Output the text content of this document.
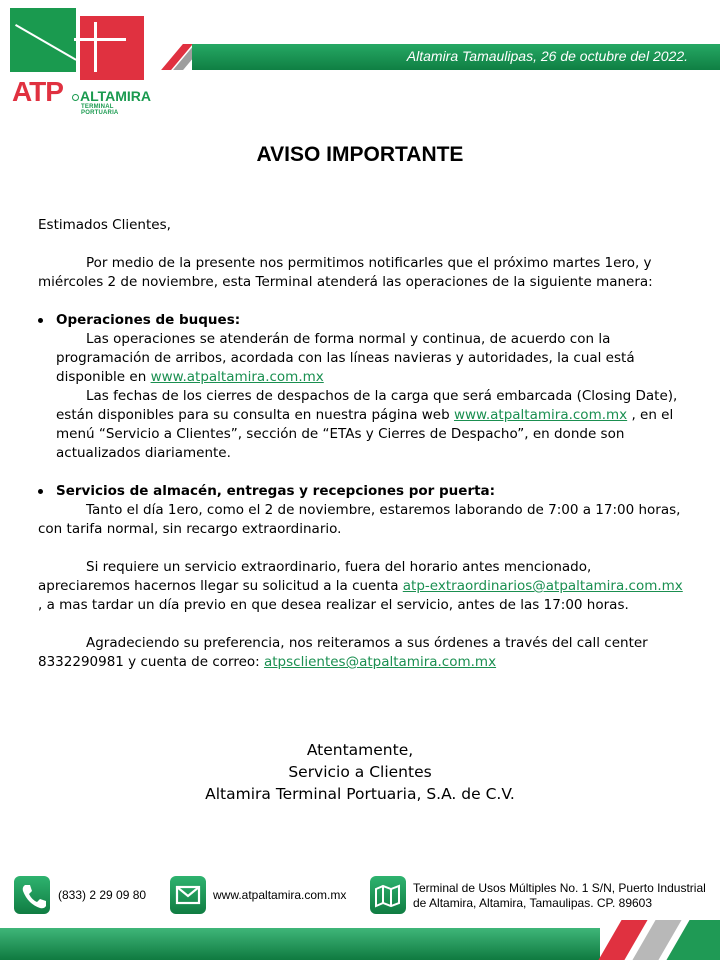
ATP ALTAMIRA
TERMINAL PORTUARIA
Altamira Tamaulipas, 26 de octubre del 2022.
AVISO IMPORTANTE

Estimados Clientes,

Por medio de la presente nos permitimos notificarles que el próximo martes 1ero, y miércoles 2 de noviembre, esta Terminal atenderá las operaciones de la siguiente manera:

Operaciones de buques:

Las operaciones se atenderán de forma normal y continua, de acuerdo con la programación de arribos, acordada con las líneas navieras y autoridades, la cual está disponible en www.atpaltamira.com.mx

Las fechas de los cierres de despachos de la carga que será embarcada (Closing Date), están disponibles para su consulta en nuestra página web www.atpaltamira.com.mx , en el menú “Servicio a Clientes”, sección de “ETAs y Cierres de Despacho”, en donde son actualizados diariamente.

Servicios de almacén, entregas y recepciones por puerta:

Tanto el día 1ero, como el 2 de noviembre, estaremos laborando de 7:00 a 17:00 horas, con tarifa normal, sin recargo extraordinario.

Si requiere un servicio extraordinario, fuera del horario antes mencionado, apreciaremos hacernos llegar su solicitud a la cuenta atp-extraordinarios@atpaltamira.com.mx , a mas tardar un día previo en que desea realizar el servicio, antes de las 17:00 horas.

Agradeciendo su preferencia, nos reiteramos a sus órdenes a través del call center 8332290981 y cuenta de correo: atpsclientes@atpaltamira.com.mx

Atentamente,
Servicio a Clientes
Altamira Terminal Portuaria, S.A. de C.V.
(833) 2 29 09 80	www.atpaltamira.com.mx	Terminal de Usos Múltiples No. 1 S/N, Puerto Industrial
de Altamira, Altamira, Tamaulipas. CP. 89603
